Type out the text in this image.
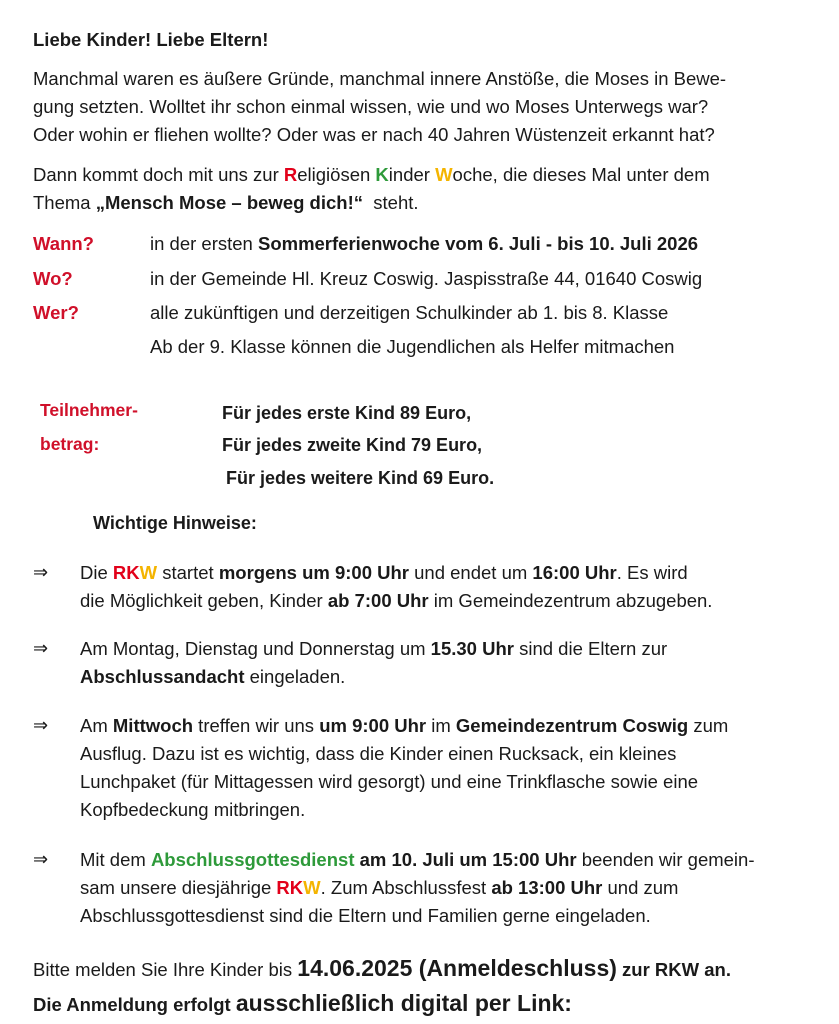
Liebe Kinder! Liebe Eltern!
Manchmal waren es äußere Gründe, manchmal innere Anstöße, die Moses in Bewe-
gung setzten. Wolltet ihr schon einmal wissen, wie und wo Moses Unterwegs war?
Oder wohin er fliehen wollte? Oder was er nach 40 Jahren Wüstenzeit erkannt hat?
Dann kommt doch mit uns zur Religiösen Kinder Woche, die dieses Mal unter dem
Thema „Mensch Mose – beweg dich!“  steht.
Wann?	in der ersten Sommerferienwoche vom 6. Juli - bis 10. Juli 2026
Wo?	in der Gemeinde Hl. Kreuz Coswig. Jaspisstraße 44, 01640 Coswig
Wer?	alle zukünftigen und derzeitigen Schulkinder ab 1. bis 8. Klasse
Ab der 9. Klasse können die Jugendlichen als Helfer mitmachen
Teilnehmer-
betrag:
Für jedes erste Kind 89 Euro,
Für jedes zweite Kind 79 Euro,
Für jedes weitere Kind 69 Euro.
Wichtige Hinweise:
⇒ Die RKW startet morgens um 9:00 Uhr und endet um 16:00 Uhr. Es wird
die Möglichkeit geben, Kinder ab 7:00 Uhr im Gemeindezentrum abzugeben.
⇒ Am Montag, Dienstag und Donnerstag um 15.30 Uhr sind die Eltern zur
Abschlussandacht eingeladen.
⇒ Am Mittwoch treffen wir uns um 9:00 Uhr im Gemeindezentrum Coswig zum
Ausflug. Dazu ist es wichtig, dass die Kinder einen Rucksack, ein kleines
Lunchpaket (für Mittagessen wird gesorgt) und eine Trinkflasche sowie eine
Kopfbedeckung mitbringen.
⇒ Mit dem Abschlussgottesdienst am 10. Juli um 15:00 Uhr beenden wir gemein-
sam unsere diesjährige RKW. Zum Abschlussfest ab 13:00 Uhr und zum
Abschlussgottesdienst sind die Eltern und Familien gerne eingeladen.
Bitte melden Sie Ihre Kinder bis 14.06.2025 (Anmeldeschluss) zur RKW an.
Die Anmeldung erfolgt ausschließlich digital per Link:
